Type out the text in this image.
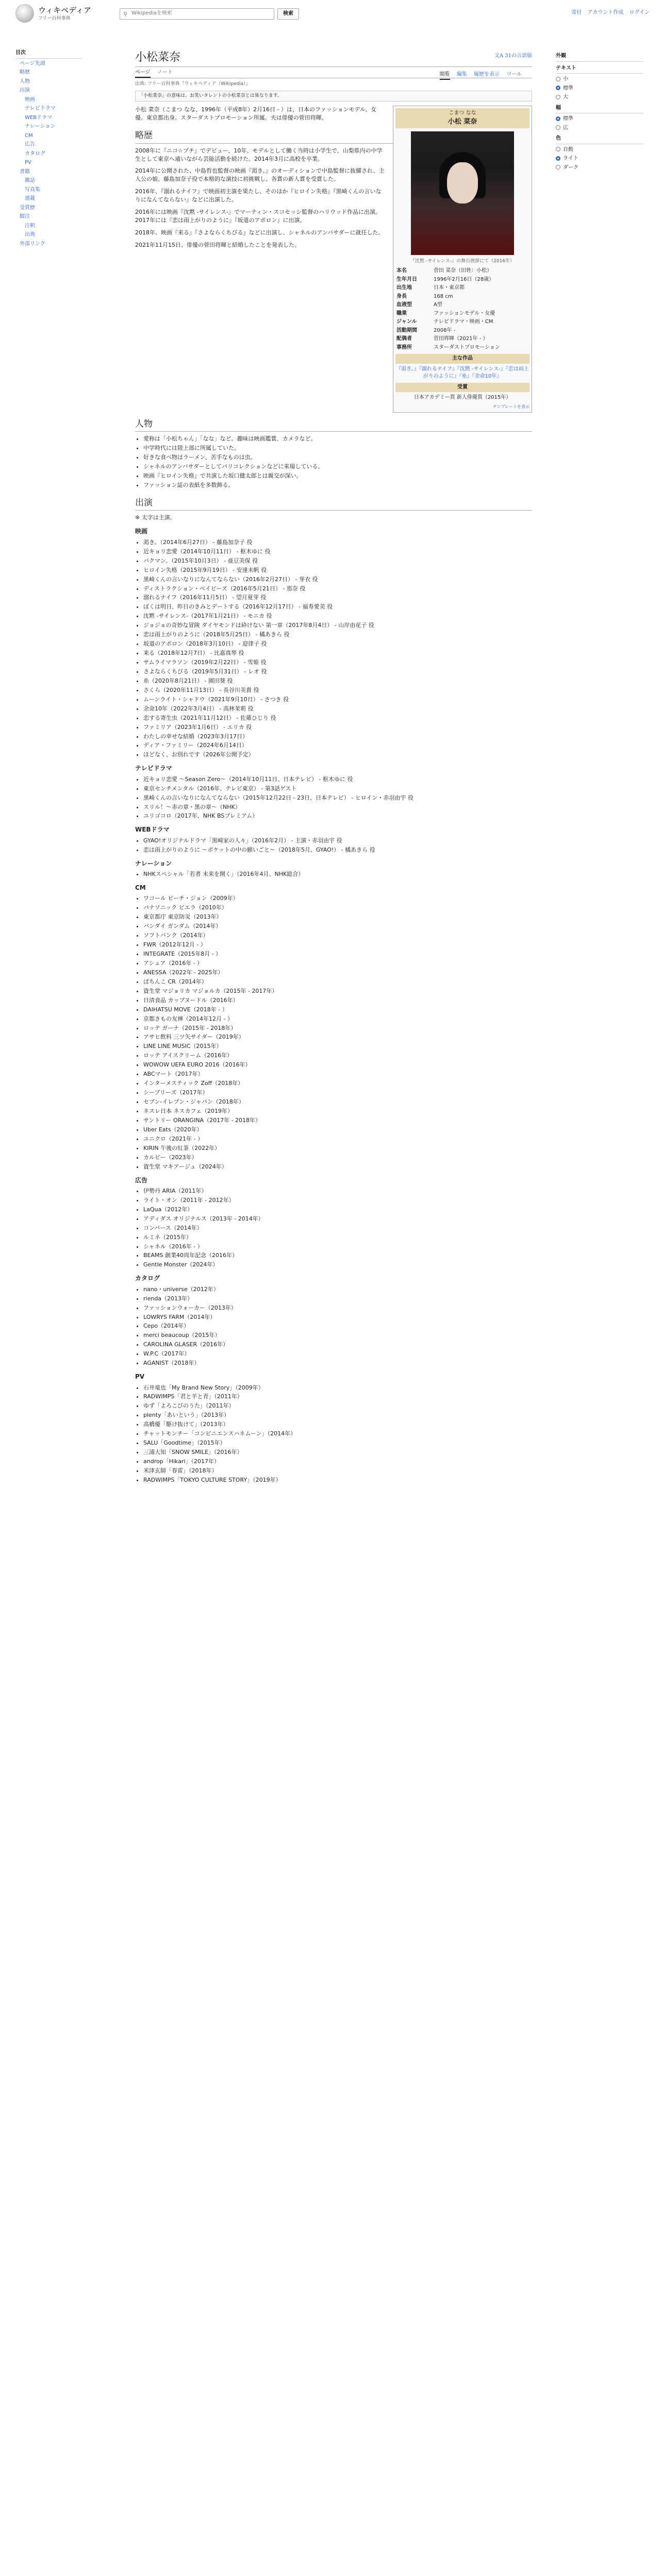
ウィキペディア
フリー百科事典
⚲
Wikipediaを検索	検索	寄付 アカウント作成 ログイン
目次
ページ先頭
略歴
人物
出演
映画
テレビドラマ
WEBドラマ
ナレーション
CM
広告
カタログ
PV
書籍
雑誌
写真集
連載
受賞歴
脚注
注釈
出典
外部リンク
小松菜奈	文A 31の言語版
ページ ノート	閲覧 編集 履歴を表示 ツール
出典: フリー百科事典『ウィキペディア（Wikipedia）』
「小松菜奈」の意味は、お笑いタレントの小松菜奈とは異なります。
こまつ なな
小松 菜奈
『沈黙 -サイレンス-』の舞台挨拶にて（2016年）
本名	菅田 菜奈（旧姓：小松）
生年月日	1996年2月16日（28歳）
出生地	日本・東京都
身長	168 cm
血液型	A型
職業	ファッションモデル・女優
ジャンル	テレビドラマ・映画・CM
活動期間	2008年 -
配偶者	菅田将暉（2021年 - ）
事務所	スターダストプロモーション
主な作品
『渇き。』『溺れるナイフ』『沈黙 -サイレンス-』『恋は雨上がりのように』『糸』『余命10年』
受賞
日本アカデミー賞 新人俳優賞（2015年）
テンプレートを表示

小松 菜奈（こまつ なな、1996年（平成8年）2月16日 - ）は、日本のファッションモデル、女優。東京都出身。スターダストプロモーション所属。夫は俳優の菅田将暉。

略歴

2008年に『ニコ☆プチ』でデビュー、10年、モデルとして働く当時は小学生で、山梨県内の中学生として東京へ通いながら芸能活動を続けた。2014年3月に高校を卒業。

2014年に公開された、中島哲也監督の映画『渇き。』のオーディションで中島監督に抜擢され、主人公の娘、藤島加奈子役で本格的な演技に初挑戦し、各賞の新人賞を受賞した。

2016年、『溺れるナイフ』で映画初主演を果たし、そのほか『ヒロイン失格』『黒崎くんの言いなりになんてならない』などに出演した。

2016年には映画『沈黙 -サイレンス-』でマーティン・スコセッシ監督のハリウッド作品に出演。2017年には『恋は雨上がりのように』『坂道のアポロン』に出演。

2018年、映画『来る』『さよならくちびる』などに出演し、シャネルのアンバサダーに就任した。

2021年11月15日、俳優の菅田将暉と結婚したことを発表した。

人物
• 愛称は「小松ちゃん」「なな」など。趣味は映画鑑賞、カメラなど。
• 中学時代には陸上部に所属していた。
• 好きな食べ物はラーメン、苦手なものは虫。
• シャネルのアンバサダーとしてパリコレクションなどに来場している。
• 映画『ヒロイン失格』で共演した坂口健太郎とは親交が深い。
• ファッション誌の表紙を多数飾る。
出演

※ 太字は主演。

映画
• 渇き。（2014年6月27日） - 藤島加奈子 役
• 近キョリ恋愛（2014年10月11日） - 枢木ゆに 役
• バクマン。（2015年10月3日） - 亜豆美保 役
• ヒロイン失格（2015年9月19日） - 安達未帆 役
• 黒崎くんの言いなりになんてならない（2016年2月27日） - 芽衣 役
• ディストラクション・ベイビーズ（2016年5月21日） - 那奈 役
• 溺れるナイフ（2016年11月5日） - 望月夏芽 役
• ぼくは明日、昨日のきみとデートする（2016年12月17日） - 福寿愛美 役
• 沈黙 -サイレンス-（2017年1月21日） - モニカ 役
• ジョジョの奇妙な冒険 ダイヤモンドは砕けない 第一章（2017年8月4日） - 山岸由花子 役
• 恋は雨上がりのように（2018年5月25日） - 橘あきら 役
• 坂道のアポロン（2018年3月10日） - 迎律子 役
• 来る（2018年12月7日） - 比嘉真琴 役
• サムライマラソン（2019年2月22日） - 雪姫 役
• さよならくちびる（2019年5月31日） - レオ 役
• 糸（2020年8月21日） - 園田葵 役
• さくら（2020年11月13日） - 長谷川美貴 役
• ムーンライト・シャドウ（2021年9月10日） - さつき 役
• 余命10年（2022年3月4日） - 高林茉莉 役
• 恋する寄生虫（2021年11月12日） - 佐薙ひじり 役
• ファミリア（2023年1月6日） - エリカ 役
• わたしの幸せな結婚（2023年3月17日）
• ディア・ファミリー（2024年6月14日）
• ほどなく、お別れです（2026年公開予定）
テレビドラマ
• 近キョリ恋愛 ～Season Zero～（2014年10月11日、日本テレビ） - 枢木ゆに 役
• 東京センチメンタル（2016年、テレビ東京） - 第3話ゲスト
• 黒崎くんの言いなりになんてならない（2015年12月22日 - 23日、日本テレビ） - ヒロイン・赤羽由宇 役
• スリル！～赤の章・黒の章～（NHK）
• ユリゴコロ（2017年、NHK BSプレミアム）
WEBドラマ
• GYAO!オリジナルドラマ「黒崎家の人々」（2016年2月） - 主演・赤羽由宇 役
• 恋は雨上がりのように ～ポケットの中の願いごと～（2018年5月、GYAO!） - 橘あきら 役
ナレーション
• NHKスペシャル「若者 未来を開く」（2016年4月、NHK総合）
CM
• ワコール ピーチ・ジョン（2009年）
• パナソニック ビエラ（2010年）
• 東京都庁 東京防災（2013年）
• バンダイ ガンダム（2014年）
• ソフトバンク（2014年）
• FWR（2012年12月 - ）
• INTEGRATE（2015年8月 - ）
• アシュア（2016年 - ）
• ANESSA（2022年 - 2025年）
• ぱちんこ CR（2014年）
• 資生堂 マジョリカ マジョルカ（2015年 - 2017年）
• 日清食品 カップヌードル（2016年）
• DAIHATSU MOVE（2018年 - ）
• 京都きもの友禅（2014年12月 - ）
• ロッテ ガーナ（2015年 - 2018年）
• アサヒ飲料 三ツ矢サイダー（2019年）
• LINE LINE MUSIC（2015年）
• ロッテ アイスクリーム（2016年）
• WOWOW UEFA EURO 2016（2016年）
• ABCマート（2017年）
• インターメスティック Zoff（2018年）
• シーブリーズ（2017年）
• セブン-イレブン・ジャパン（2018年）
• ネスレ日本 ネスカフェ（2019年）
• サントリー ORANGINA（2017年 - 2018年）
• Uber Eats（2020年）
• ユニクロ（2021年 - ）
• KIRIN 午後の紅茶（2022年）
• カルビー（2023年）
• 資生堂 マキアージュ（2024年）
広告
• 伊勢丹 ARIA（2011年）
• ライト・オン（2011年 - 2012年）
• LaQua（2012年）
• アディダス オリジナルス（2013年 - 2014年）
• コンバース（2014年）
• ルミネ（2015年）
• シャネル（2016年 - ）
• BEAMS 創業40周年記念（2016年）
• Gentle Monster（2024年）
カタログ
• nano・universe（2012年）
• rienda（2013年）
• ファッションウォーカー（2013年）
• LOWRYS FARM（2014年）
• Cepo（2014年）
• merci beaucoup（2015年）
• CAROLINA GLASER（2016年）
• W.P.C（2017年）
• AGANIST（2018年）
PV
• 石井竜也「My Brand New Story」（2009年）
• RADWIMPS「君と羊と青」（2011年）
• ゆず「よろこびのうた」（2011年）
• plenty「あいという」（2013年）
• 高橋優「駆け抜けて」（2013年）
• チャットモンチー「コンビニエンスハネムーン」（2014年）
• SALU「Goodtime」（2015年）
• 三浦大知「SNOW SMILE」（2016年）
• androp「Hikari」（2017年）
• 米津玄師「春雷」（2018年）
• RADWIMPS「TOKYO CULTURE STORY」（2019年）
外観
テキスト
小
標準
大
幅
標準
広
色
自動
ライト
ダーク
